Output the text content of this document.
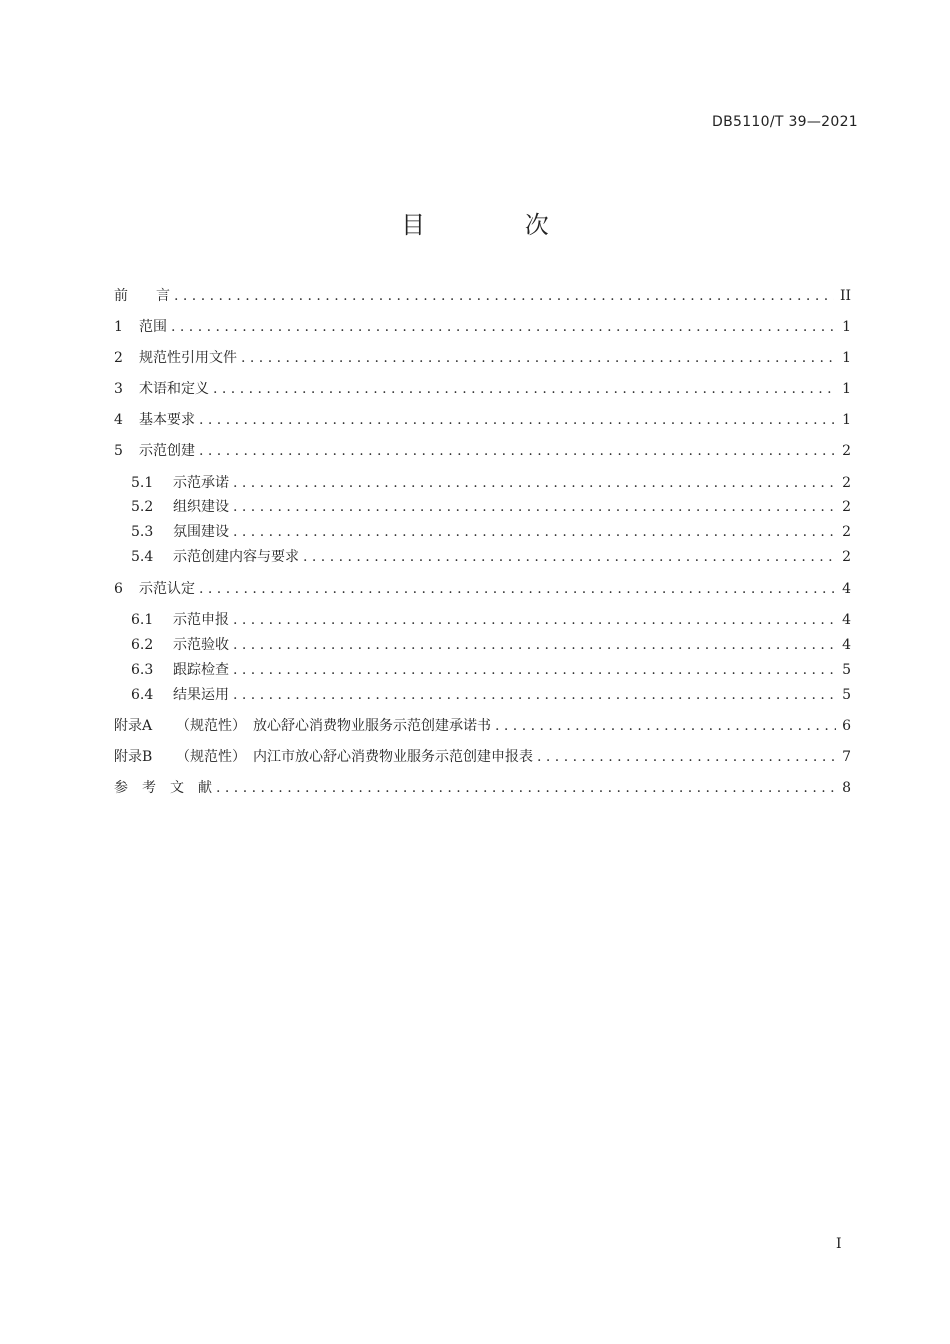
DB5110/T 39—2021
目 次
前　　言 . . .	II
1	范围 . . .	1
2	规范性引用文件 . . .	1
3	术语和定义 . . .	1
4	基本要求 . . .	1
5	示范创建 . . .	2
5.1	示范承诺 . . .	2
5.2	组织建设 . . .	2
5.3	氛围建设 . . .	2
5.4	示范创建内容与要求 . . .	2
6	示范认定 . . .	4
6.1	示范申报 . . .	4
6.2	示范验收 . . .	4
6.3	跟踪检查 . . .	5
6.4	结果运用 . . .	5
附录A	（规范性）　放心舒心消费物业服务示范创建承诺书 . . .	6
附录B	（规范性）　内江市放心舒心消费物业服务示范创建申报表 . . .	7
参　考　文　献 . . .	8
I
